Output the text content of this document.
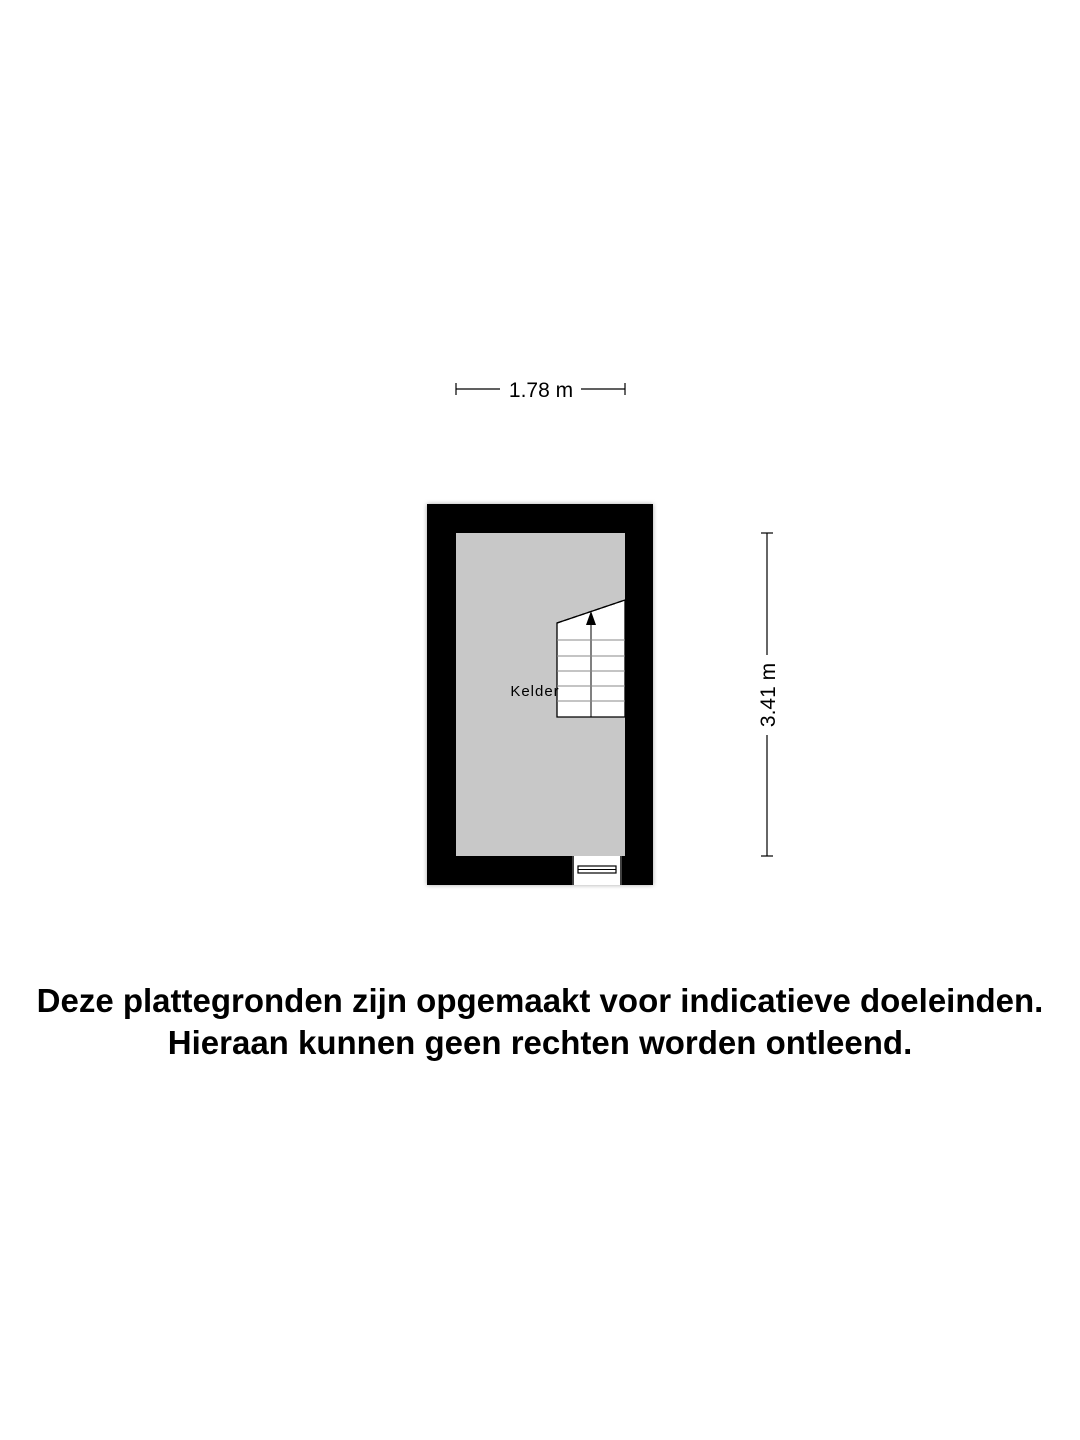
1.78 m
3.41 m
Kelder
Deze plattegronden zijn opgemaakt voor indicatieve doeleinden.
Hieraan kunnen geen rechten worden ontleend.
